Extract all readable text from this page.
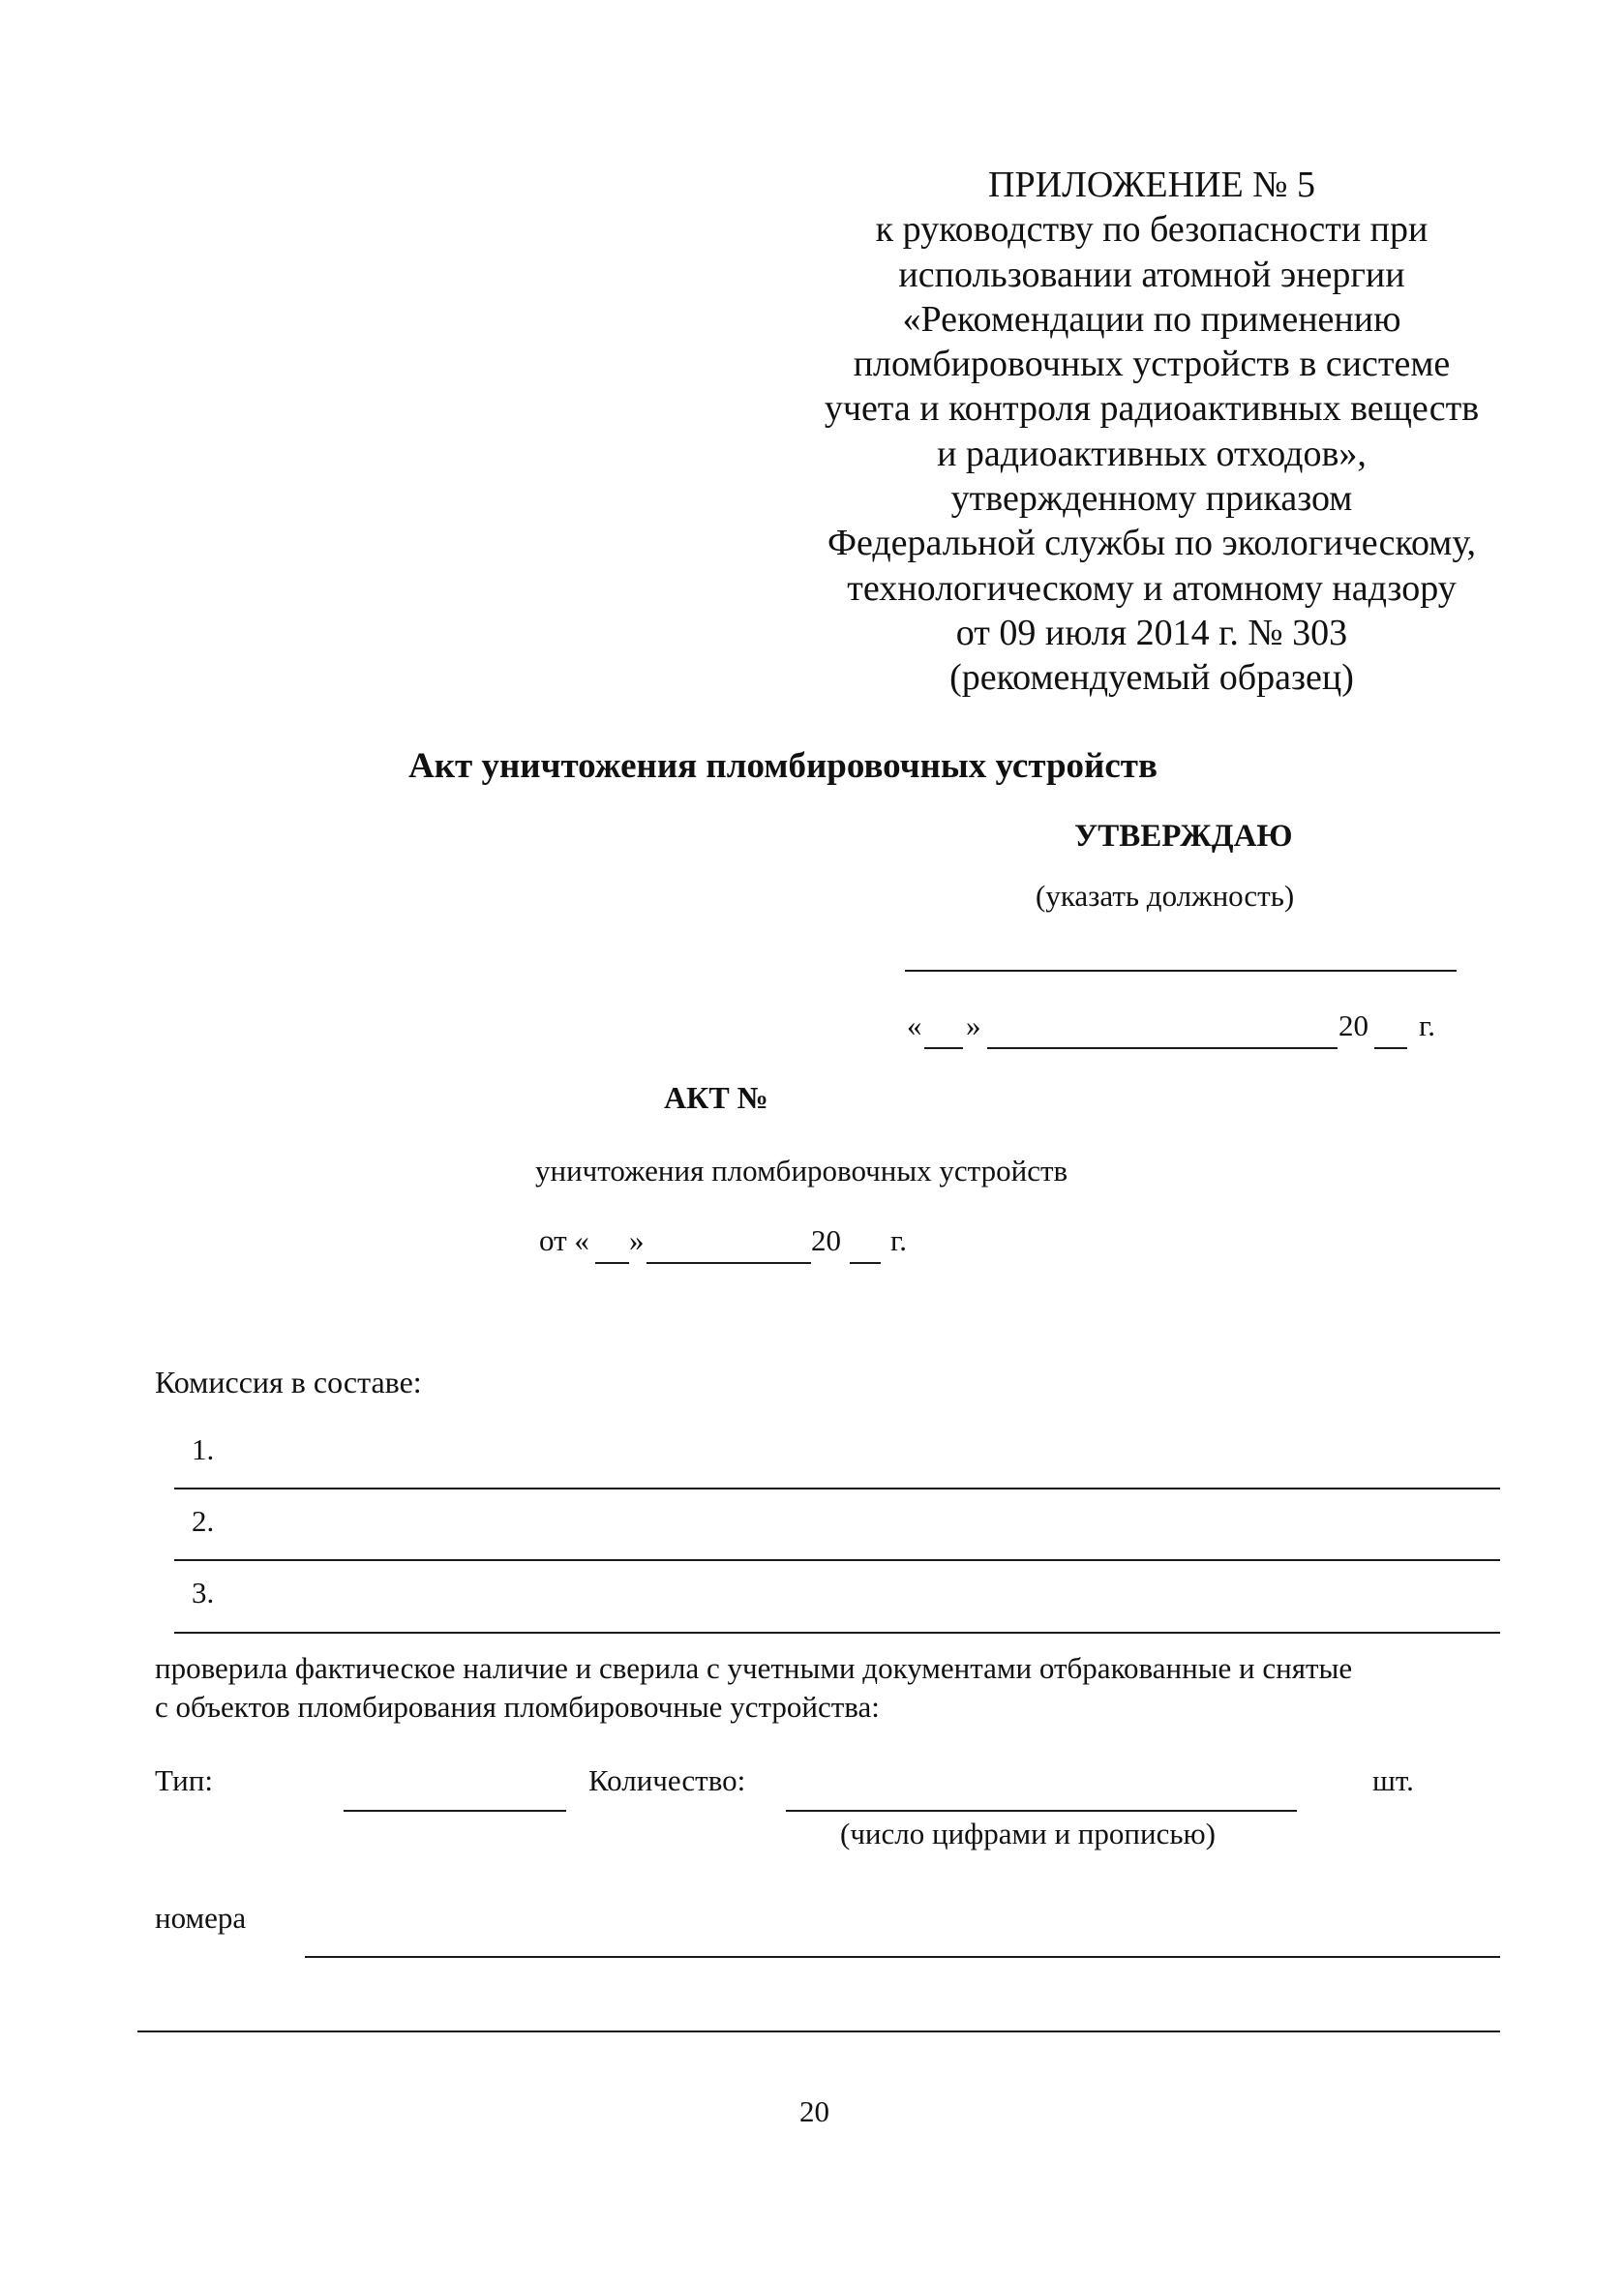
ПРИЛОЖЕНИЕ № 5
к руководству по безопасности при
использовании атомной энергии
«Рекомендации по применению
пломбировочных устройств в системе
учета и контроля радиоактивных веществ
и радиоактивных отходов»,
утвержденному приказом
Федеральной службы по экологическому,
технологическому и атомному надзору
от 09 июля 2014 г. № 303
(рекомендуемый образец)
Акт уничтожения пломбировочных устройств
УТВЕРЖДАЮ
(указать должность)
« »	20 г.
АКТ №
уничтожения пломбировочных устройств
от « »	20 г.
Комиссия в составе:
1.
2.
3.
проверила фактическое наличие и сверила с учетными документами отбракованные и снятые
с объектов пломбирования пломбировочные устройства:
Тип:	Количество:	шт.
(число цифрами и прописью)
номера
20
